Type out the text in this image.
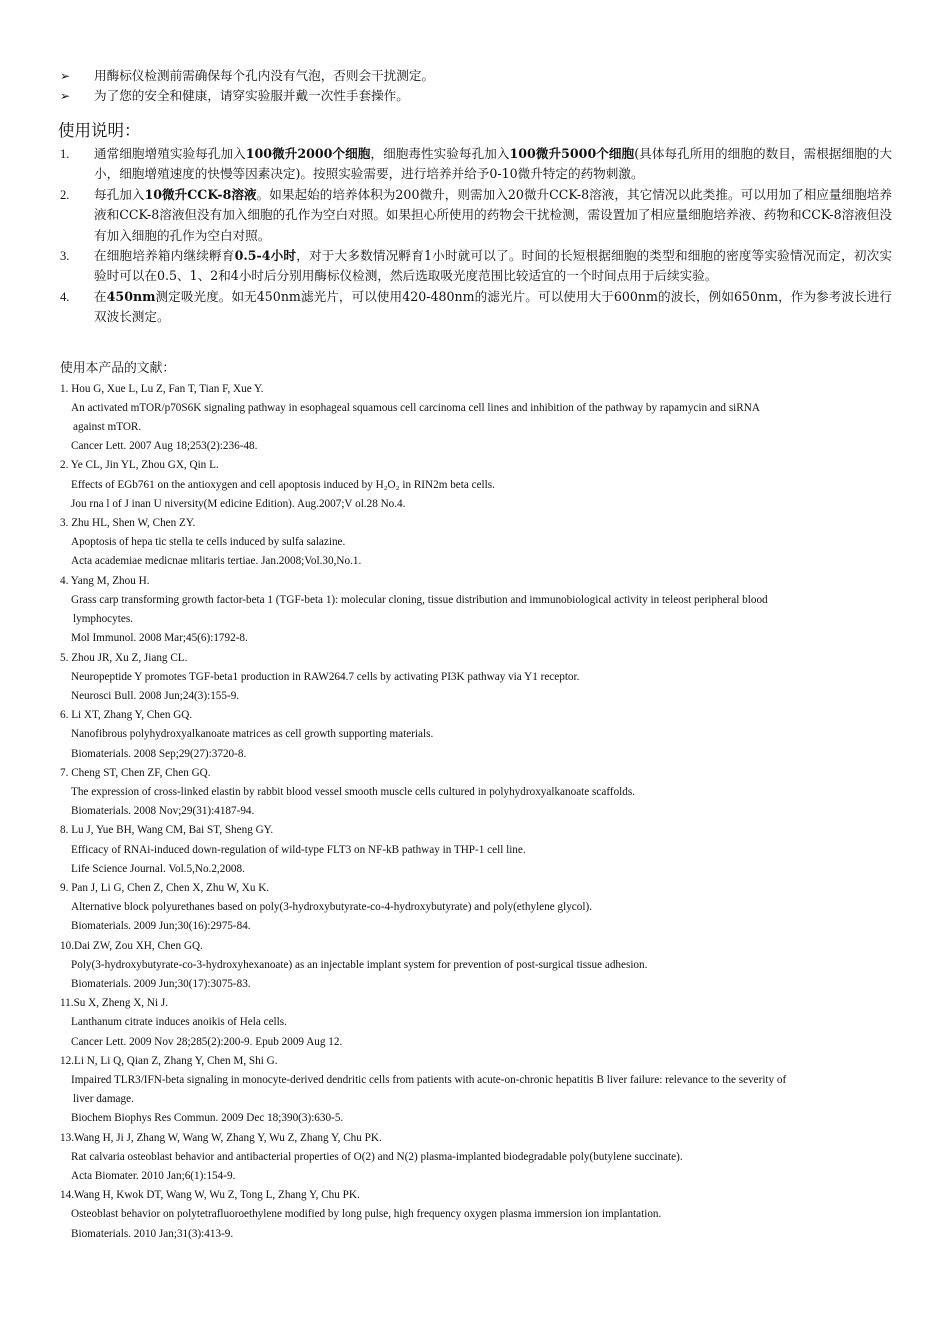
➢ 用酶标仪检测前需确保每个孔内没有气泡，否则会干扰测定。
➢ 为了您的安全和健康，请穿实验服并戴一次性手套操作。
使用说明：
1. 通常细胞增殖实验每孔加入100微升2000个细胞，细胞毒性实验每孔加入100微升5000个细胞(具体每孔所用的细胞的数目，需根据细胞的大小，细胞增殖速度的快慢等因素决定)。按照实验需要，进行培养并给予0-10微升特定的药物刺激。
2. 每孔加入10微升CCK-8溶液。如果起始的培养体积为200微升，则需加入20微升CCK-8溶液，其它情况以此类推。可以用加了相应量细胞培养液和CCK-8溶液但没有加入细胞的孔作为空白对照。如果担心所使用的药物会干扰检测，需设置加了相应量细胞培养液、药物和CCK-8溶液但没有加入细胞的孔作为空白对照。
3. 在细胞培养箱内继续孵育0.5-4小时，对于大多数情况孵育1小时就可以了。时间的长短根据细胞的类型和细胞的密度等实验情况而定，初次实验时可以在0.5、1、2和4小时后分别用酶标仪检测，然后选取吸光度范围比较适宜的一个时间点用于后续实验。
4. 在450nm测定吸光度。如无450nm滤光片，可以使用420-480nm的滤光片。可以使用大于600nm的波长，例如650nm，作为参考波长进行双波长测定。
使用本产品的文献：
1. Hou G, Xue L, Lu Z, Fan T, Tian F, Xue Y.
An activated mTOR/p70S6K signaling pathway in esophageal squamous cell carcinoma cell lines and inhibition of the pathway by rapamycin and siRNA
against mTOR.
Cancer Lett. 2007 Aug 18;253(2):236-48.
2. Ye CL, Jin YL, Zhou GX, Qin L.
Effects of EGb761 on the antioxygen and cell apoptosis induced by H₂O₂ in RIN2m beta cells.
Jou rna l of J inan U niversity(M edicine Edition). Aug.2007;V ol.28 No.4.
3. Zhu HL, Shen W, Chen ZY.
Apoptosis of hepa tic stella te cells induced by sulfa salazine.
Acta academiae medicnae mlitaris tertiae. Jan.2008;Vol.30,No.1.
4. Yang M, Zhou H.
Grass carp transforming growth factor-beta 1 (TGF-beta 1): molecular cloning, tissue distribution and immunobiological activity in teleost peripheral blood
lymphocytes.
Mol Immunol. 2008 Mar;45(6):1792-8.
5. Zhou JR, Xu Z, Jiang CL.
Neuropeptide Y promotes TGF-beta1 production in RAW264.7 cells by activating PI3K pathway via Y1 receptor.
Neurosci Bull. 2008 Jun;24(3):155-9.
6. Li XT, Zhang Y, Chen GQ.
Nanofibrous polyhydroxyalkanoate matrices as cell growth supporting materials.
Biomaterials. 2008 Sep;29(27):3720-8.
7. Cheng ST, Chen ZF, Chen GQ.
The expression of cross-linked elastin by rabbit blood vessel smooth muscle cells cultured in polyhydroxyalkanoate scaffolds.
Biomaterials. 2008 Nov;29(31):4187-94.
8. Lu J, Yue BH, Wang CM, Bai ST, Sheng GY.
Efficacy of RNAi-induced down-regulation of wild-type FLT3 on NF-kB pathway in THP-1 cell line.
Life Science Journal. Vol.5,No.2,2008.
9. Pan J, Li G, Chen Z, Chen X, Zhu W, Xu K.
Alternative block polyurethanes based on poly(3-hydroxybutyrate-co-4-hydroxybutyrate) and poly(ethylene glycol).
Biomaterials. 2009 Jun;30(16):2975-84.
10.Dai ZW, Zou XH, Chen GQ.
Poly(3-hydroxybutyrate-co-3-hydroxyhexanoate) as an injectable implant system for prevention of post-surgical tissue adhesion.
Biomaterials. 2009 Jun;30(17):3075-83.
11.Su X, Zheng X, Ni J.
Lanthanum citrate induces anoikis of Hela cells.
Cancer Lett. 2009 Nov 28;285(2):200-9. Epub 2009 Aug 12.
12.Li N, Li Q, Qian Z, Zhang Y, Chen M, Shi G.
Impaired TLR3/IFN-beta signaling in monocyte-derived dendritic cells from patients with acute-on-chronic hepatitis B liver failure: relevance to the severity of
liver damage.
Biochem Biophys Res Commun. 2009 Dec 18;390(3):630-5.
13.Wang H, Ji J, Zhang W, Wang W, Zhang Y, Wu Z, Zhang Y, Chu PK.
Rat calvaria osteoblast behavior and antibacterial properties of O(2) and N(2) plasma-implanted biodegradable poly(butylene succinate).
Acta Biomater. 2010 Jan;6(1):154-9.
14.Wang H, Kwok DT, Wang W, Wu Z, Tong L, Zhang Y, Chu PK.
Osteoblast behavior on polytetrafluoroethylene modified by long pulse, high frequency oxygen plasma immersion ion implantation.
Biomaterials. 2010 Jan;31(3):413-9.
